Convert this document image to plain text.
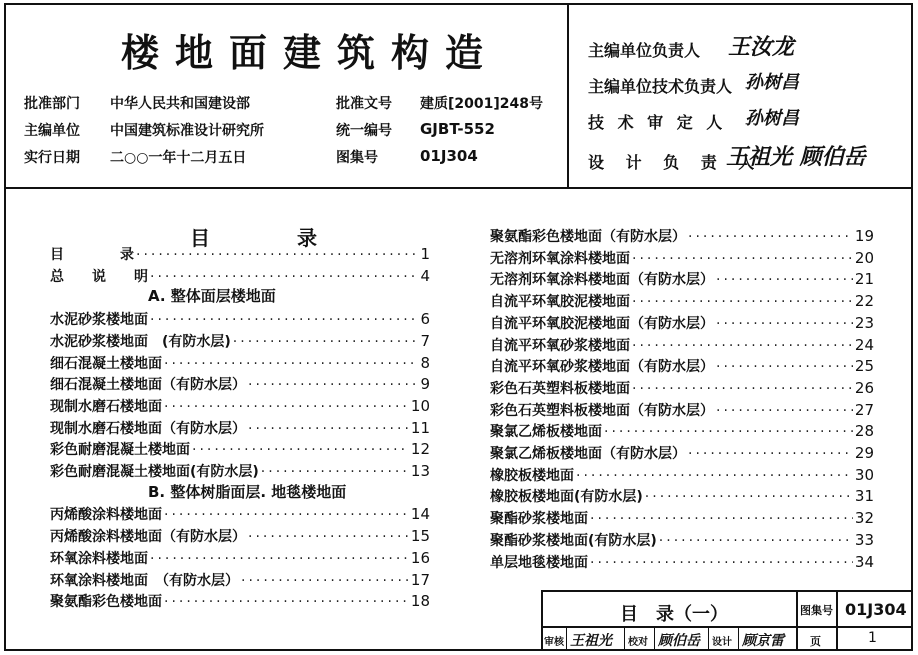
楼地面建筑构造
批准部门 中华人民共和国建设部
主编单位 中国建筑标准设计研究所
实行日期 二○○一年十二月五日
批准文号 建质[2001]248号
统一编号 GJBT-552
图集号	01J304
主编单位负责人 王汝龙
主编单位技术负责人 孙树昌
技 术 审 定 人 孙树昌
设 计 负 责 人
王祖光 顾伯岳
目 录
目　　　　录 ·····	1
总　　说　　明 ·····	4
A. 整体面层楼地面
水泥砂浆楼地面 ·····	6
水泥砂浆楼地面　(有防水层) ·····	7
细石混凝土楼地面 ·····	8
细石混凝土楼地面（有防水层） ·····	9
现制水磨石楼地面 ·····	10
现制水磨石楼地面（有防水层） ·····	11
彩色耐磨混凝土楼地面 ·····	12
彩色耐磨混凝土楼地面(有防水层) ·····	13
B. 整体树脂面层. 地毯楼地面
丙烯酸涂料楼地面 ·····	14
丙烯酸涂料楼地面（有防水层） ·····	15
环氧涂料楼地面 ·····	16
环氧涂料楼地面　（有防水层） ·····	17
聚氨酯彩色楼地面 ·····	18
聚氨酯彩色楼地面（有防水层） ·····	19
无溶剂环氧涂料楼地面 ·····	20
无溶剂环氧涂料楼地面（有防水层） ·····	21
自流平环氧胶泥楼地面 ·····	22
自流平环氧胶泥楼地面（有防水层） ·····	23
自流平环氧砂浆楼地面 ·····	24
自流平环氧砂浆楼地面（有防水层） ·····	25
彩色石英塑料板楼地面 ·····	26
彩色石英塑料板楼地面（有防水层） ·····	27
聚氯乙烯板楼地面 ·····	28
聚氯乙烯板楼地面（有防水层） ·····	29
橡胶板楼地面 ·····	30
橡胶板楼地面(有防水层) ·····	31
聚酯砂浆楼地面 ·····	32
聚酯砂浆楼地面(有防水层) ·····	33
单层地毯楼地面 ·····	34
目　录（一）	图集号 01J304
审核 王祖光 校对 顾伯岳 设计 顾京雷 页	1
